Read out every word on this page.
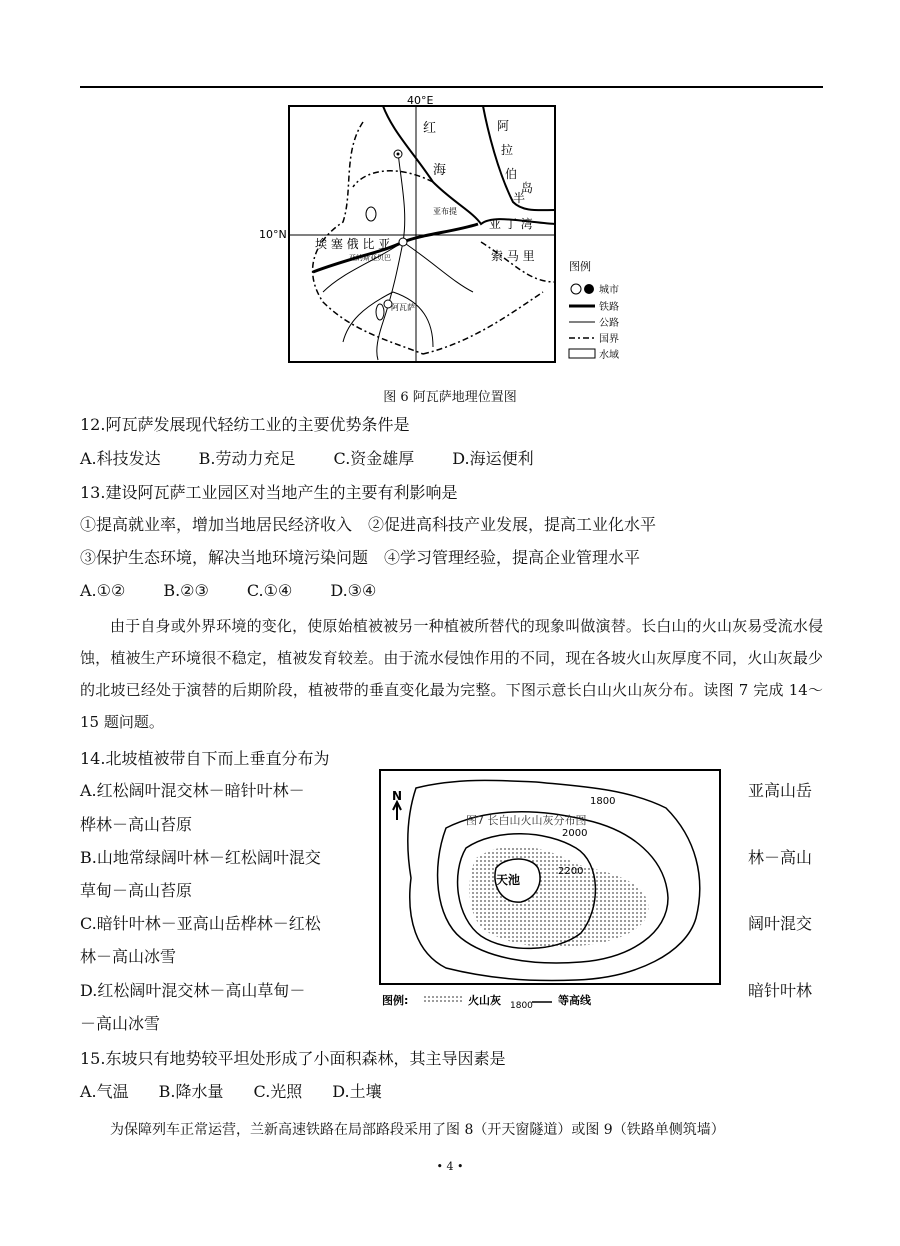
40°E
10°N
红
海
阿
拉
伯
半
岛
亚布提
亚 丁 湾
埃 塞 俄 比 亚
亚的斯亚贝巴	索 马 里
阿瓦萨
图例
城市
铁路
公路
国界
水域
图 6 阿瓦萨地理位置图
12.阿瓦萨发展现代轻纺工业的主要优势条件是
A.科技发达 B.劳动力充足 C.资金雄厚 D.海运便利
13.建设阿瓦萨工业园区对当地产生的主要有利影响是
①提高就业率，增加当地居民经济收入　②促进高科技产业发展，提高工业化水平
③保护生态环境，解决当地环境污染问题　④学习管理经验，提高企业管理水平
A.①② B.②③ C.①④ D.③④
由于自身或外界环境的变化，使原始植被被另一种植被所替代的现象叫做演替。长白山的火山灰易受流水侵蚀，植被生产环境很不稳定，植被发育较差。由于流水侵蚀作用的不同，现在各坡火山灰厚度不同，火山灰最少的北坡已经处于演替的后期阶段，植被带的垂直变化最为完整。下图示意长白山火山灰分布。读图 7 完成 14～15 题问题。
14.北坡植被带自下而上垂直分布为
A.红松阔叶混交林－暗针叶林－	亚高山岳
桦林－高山苔原
B.山地常绿阔叶林－红松阔叶混交	林－高山
草甸－高山苔原
C.暗针叶林－亚高山岳桦林－红松	阔叶混交
林－高山冰雪
D.红松阔叶混交林－高山草甸－	暗针叶林
－高山冰雪
N
天池
1800
2000
2200
图7 长白山火山灰分布图
图例:	火山灰 1800 等高线
15.东坡只有地势较平坦处形成了小面积森林，其主导因素是
A.气温 B.降水量 C.光照 D.土壤
为保障列车正常运营，兰新高速铁路在局部路段采用了图 8（开天窗隧道）或图 9（铁路单侧筑墙）
• 4 •
